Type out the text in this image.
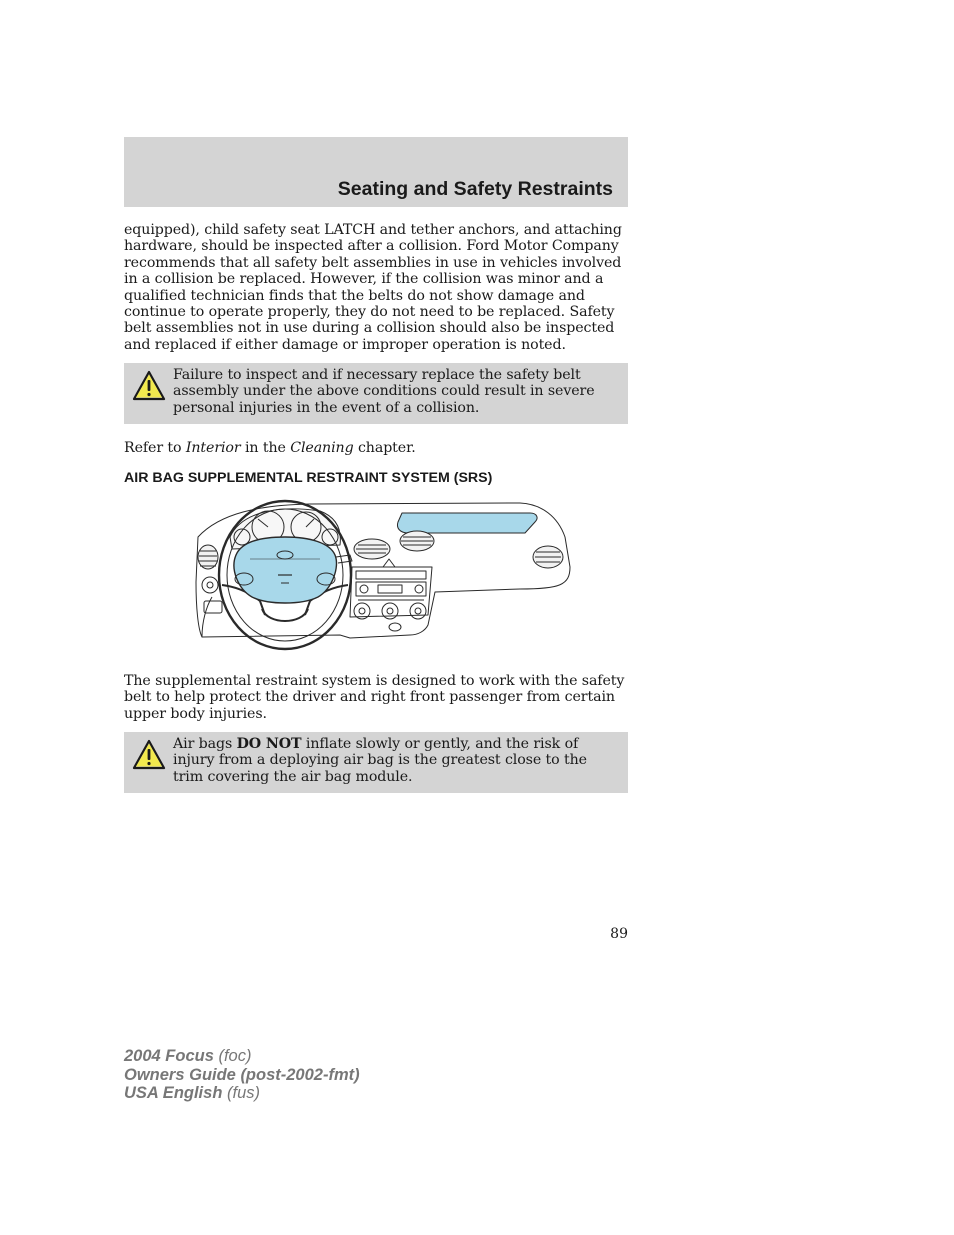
Seating and Safety Restraints

equipped), child safety seat LATCH and tether anchors, and attaching hardware, should be inspected after a collision. Ford Motor Company recommends that all safety belt assemblies in use in vehicles involved in a collision be replaced. However, if the collision was minor and a qualified technician finds that the belts do not show damage and continue to operate properly, they do not need to be replaced. Safety belt assemblies not in use during a collision should also be inspected and replaced if either damage or improper operation is noted.

Failure to inspect and if necessary replace the safety belt assembly under the above conditions could result in severe personal injuries in the event of a collision.

Refer to Interior in the Cleaning chapter.

AIR BAG SUPPLEMENTAL RESTRAINT SYSTEM (SRS)

The supplemental restraint system is designed to work with the safety belt to help protect the driver and right front passenger from certain upper body injuries.

Air bags DO NOT inflate slowly or gently, and the risk of injury from a deploying air bag is the greatest close to the trim covering the air bag module.
89
2004 Focus (foc)
Owners Guide (post-2002-fmt)
USA English (fus)
